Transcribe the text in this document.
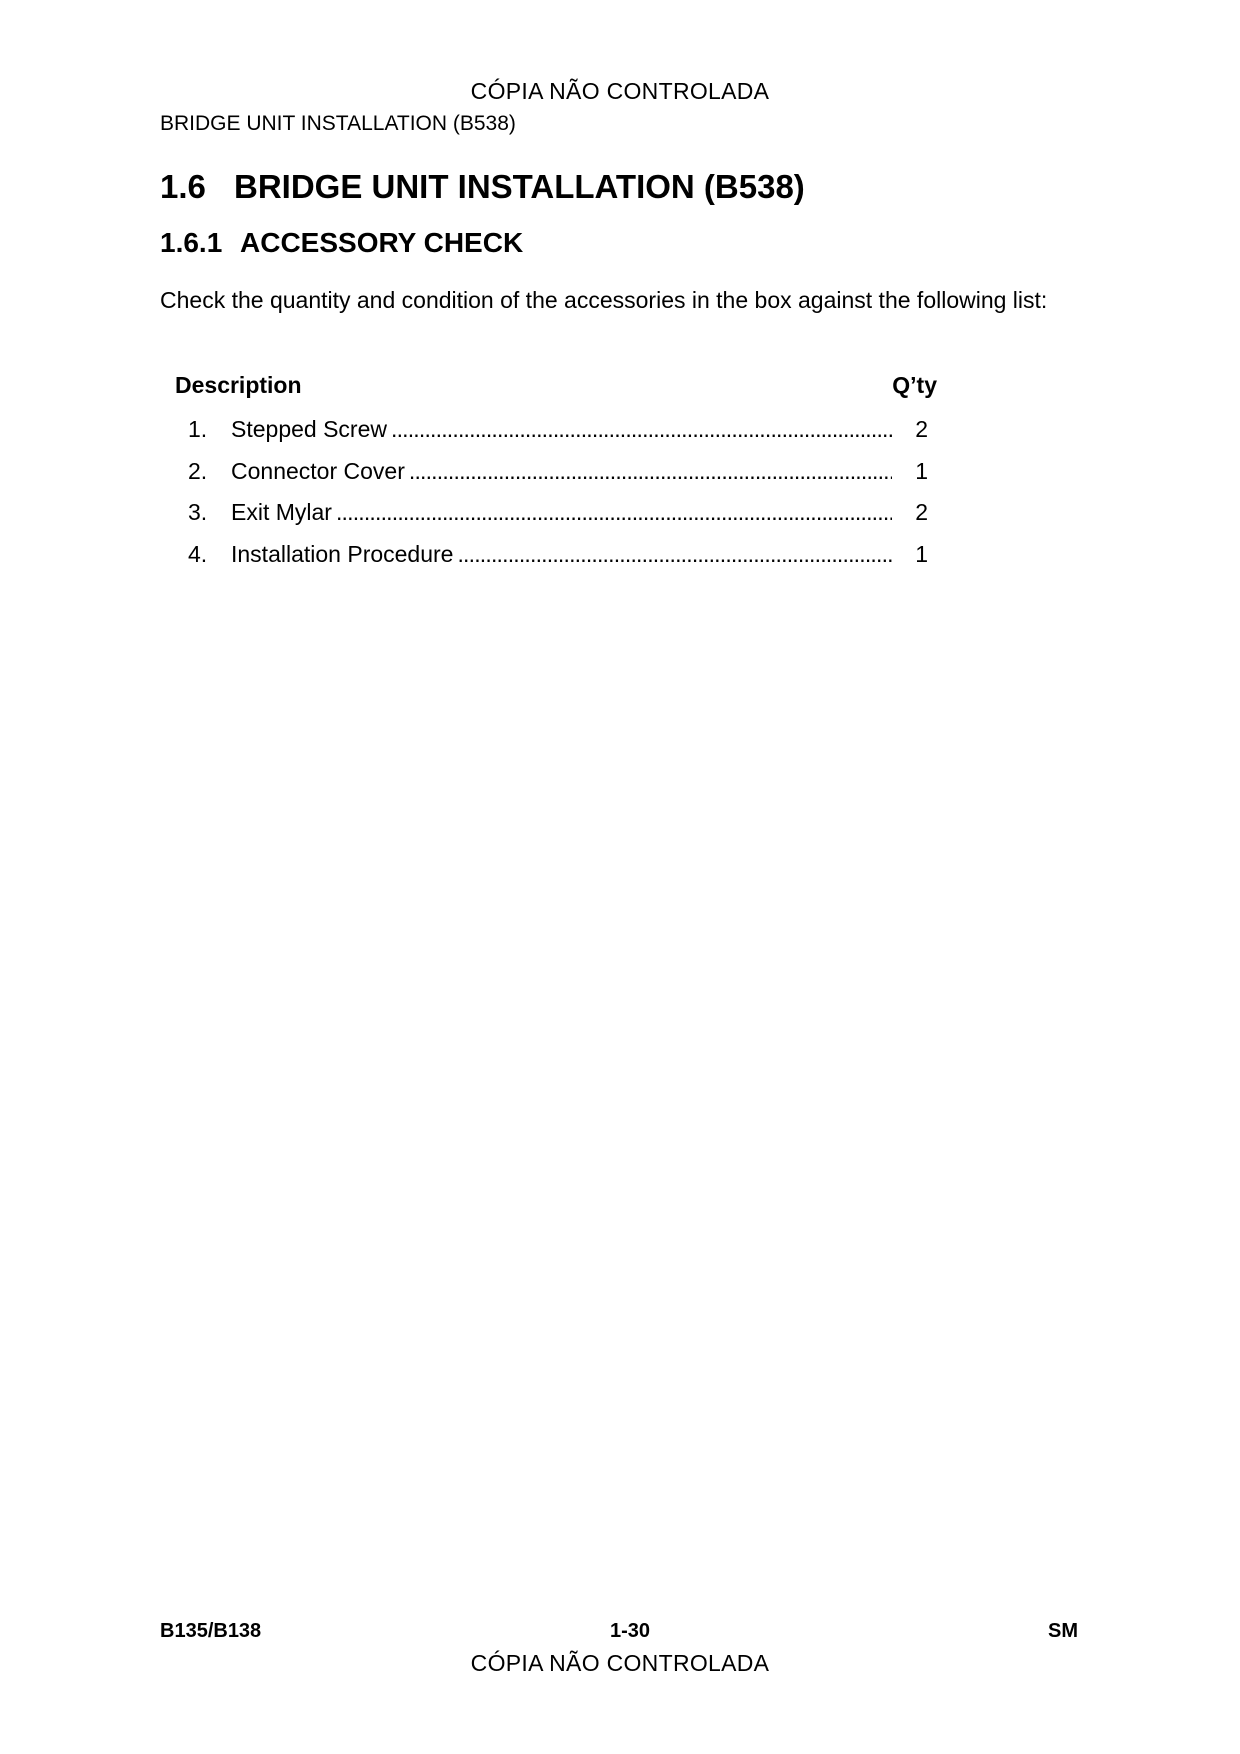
CÓPIA NÃO CONTROLADA
BRIDGE UNIT INSTALLATION (B538)
1.6 BRIDGE UNIT INSTALLATION (B538)
1.6.1 ACCESSORY CHECK

Check the quantity and condition of the accessories in the box against the following list:

Description	Q’ty
1.	Stepped Screw . . .	2
2.	Connector Cover . . .	1
3.	Exit Mylar . . .	2
4.	Installation Procedure . . .	1
B135/B138	1-30	SM
CÓPIA NÃO CONTROLADA
